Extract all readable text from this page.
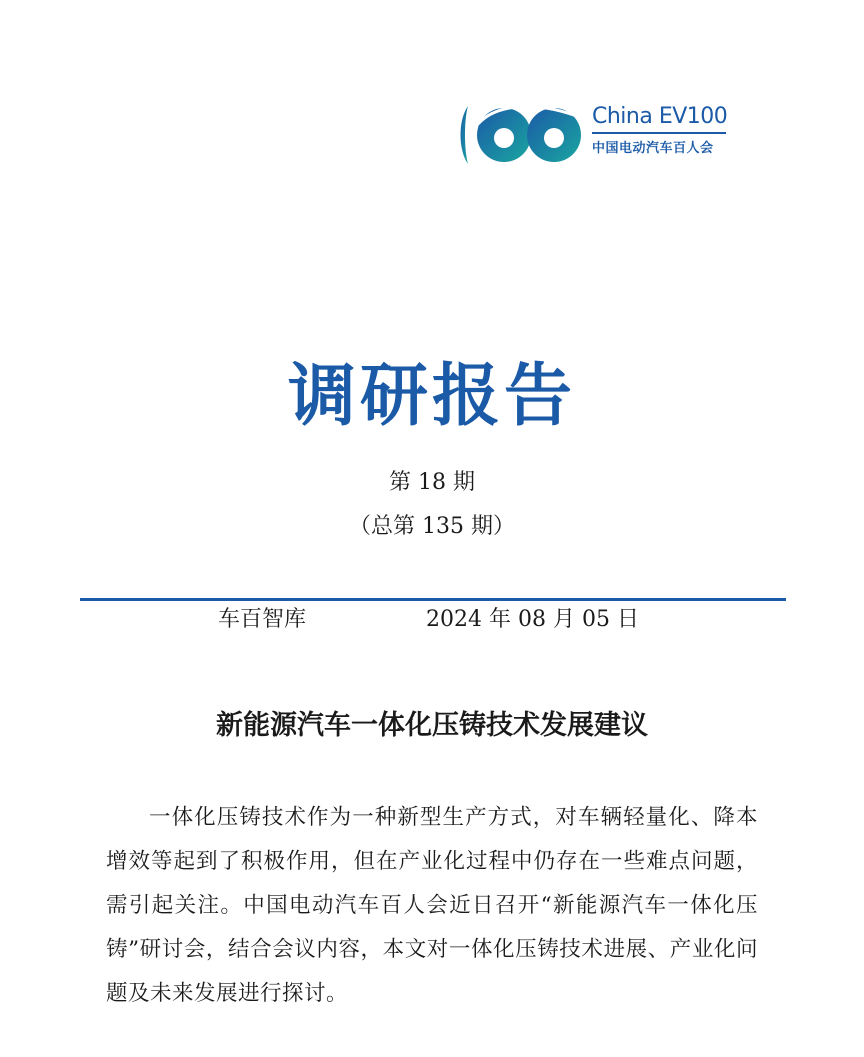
China EV100
中国电动汽车百人会
调研报告
第 18 期
（总第 135 期）
车百智库	2024 年 08 月 05 日
新能源汽车一体化压铸技术发展建议
一体化压铸技术作为一种新型生产方式，对车辆轻量化、降本增效等起到了积极作用，但在产业化过程中仍存在一些难点问题，需引起关注。中国电动汽车百人会近日召开“新能源汽车一体化压铸”研讨会，结合会议内容，本文对一体化压铸技术进展、产业化问题及未来发展进行探讨。
